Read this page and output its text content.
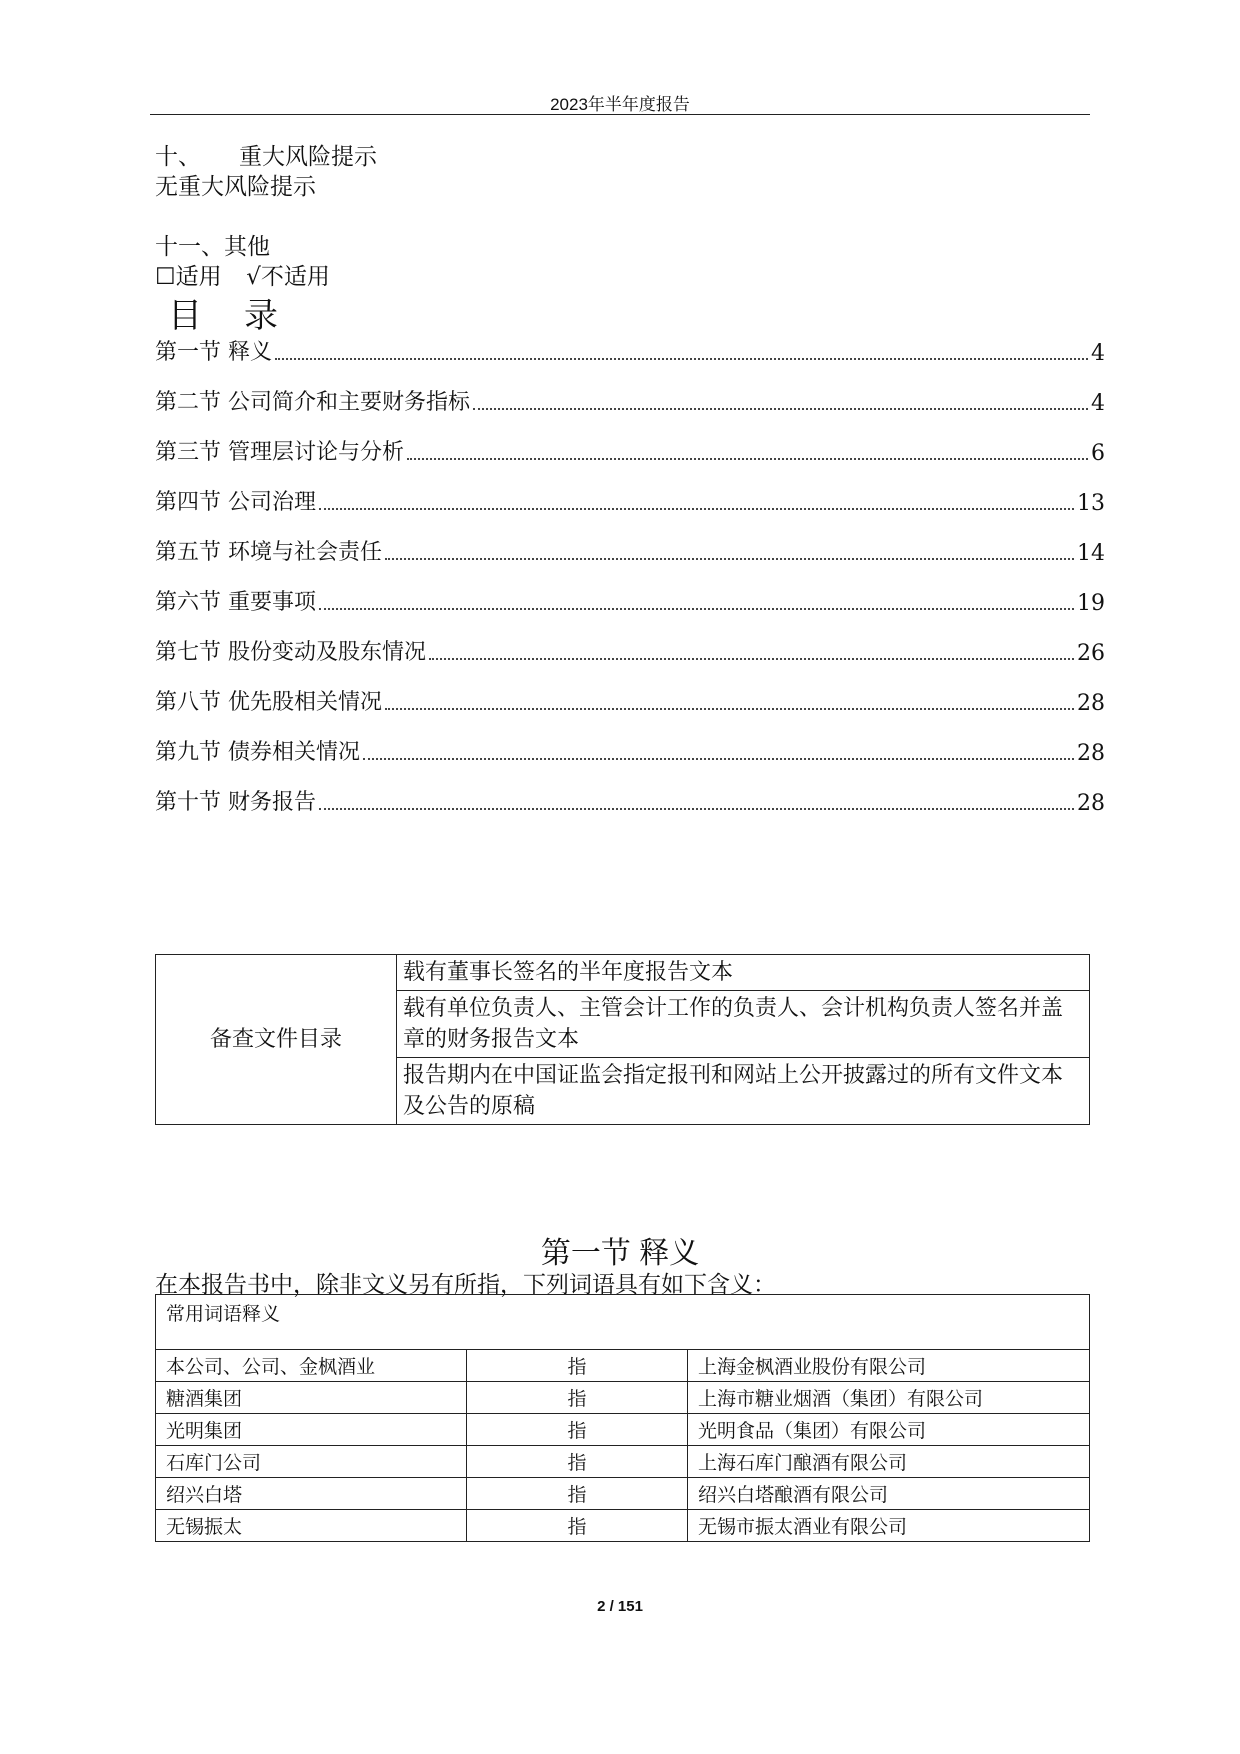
2023年半年度报告
十、 重大风险提示
无重大风险提示
十一、其他
☐适用 √不适用
目　录
第一节 释义	4
第二节 公司简介和主要财务指标	4
第三节 管理层讨论与分析	6
第四节 公司治理	13
第五节 环境与社会责任	14
第六节 重要事项	19
第七节 股份变动及股东情况	26
第八节 优先股相关情况	28
第九节 债券相关情况	28
第十节 财务报告	28
备查文件目录	载有董事长签名的半年度报告文本
载有单位负责人、主管会计工作的负责人、会计机构负责人签名并盖章的财务报告文本
报告期内在中国证监会指定报刊和网站上公开披露过的所有文件文本及公告的原稿
第一节 释义
在本报告书中，除非文义另有所指，下列词语具有如下含义：
常用词语释义		
本公司、公司、金枫酒业	指	上海金枫酒业股份有限公司
糖酒集团	指	上海市糖业烟酒（集团）有限公司
光明集团	指	光明食品（集团）有限公司
石库门公司	指	上海石库门酿酒有限公司
绍兴白塔	指	绍兴白塔酿酒有限公司
无锡振太	指	无锡市振太酒业有限公司
2 / 151
